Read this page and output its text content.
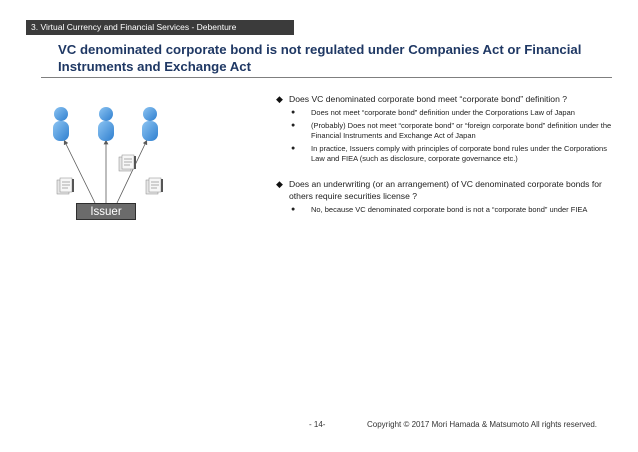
3. Virtual Currency and Financial Services - Debenture
VC denominated corporate bond is not regulated under Companies Act or Financial Instruments and Exchange Act
Issuer
◆ Does VC denominated corporate bond meet “corporate bond” definition ?
● Does not meet “corporate bond” definition under the Corporations Law of Japan
● (Probably) Does not meet “corporate bond” or “foreign corporate bond” definition under the Financial Instruments and Exchange Act of Japan
● In practice, Issuers comply with principles of corporate bond rules under the Corporations Law and FIEA (such as disclosure, corporate governance etc.)
◆ Does an underwriting (or an arrangement) of VC denominated corporate bonds for others require securities license ?
● No, because VC denominated corporate bond is not a “corporate bond” under FIEA
- 14-	Copyright © 2017 Mori Hamada & Matsumoto All rights reserved.
